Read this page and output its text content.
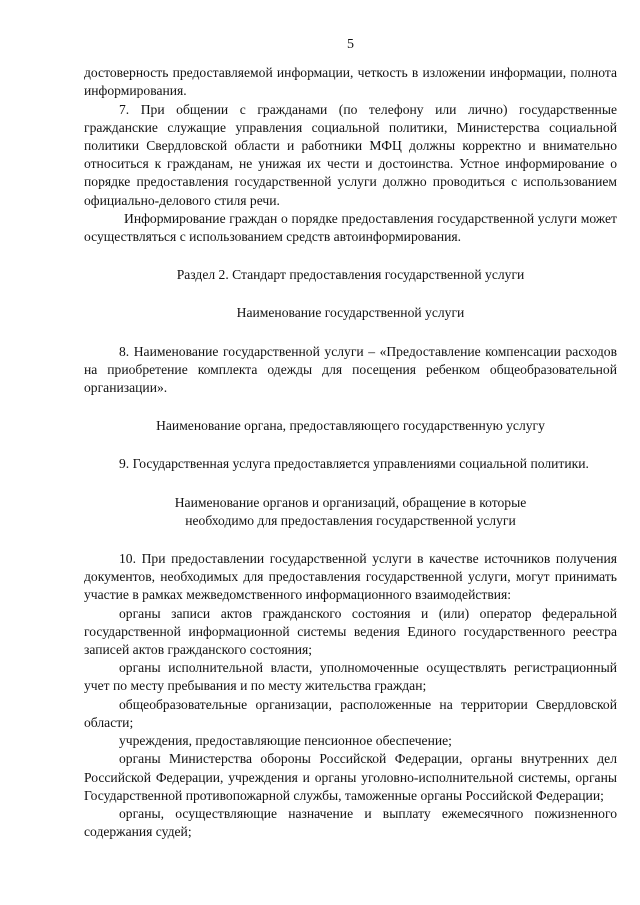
5

достоверность предоставляемой информации, четкость в изложении информации, полнота информирования.

7. При общении с гражданами (по телефону или лично) государственные гражданские служащие управления социальной политики, Министерства социальной политики Свердловской области и работники МФЦ должны корректно и внимательно относиться к гражданам, не унижая их чести и достоинства. Устное информирование о порядке предоставления государственной услуги должно проводиться с использованием официально-делового стиля речи.

Информирование граждан о порядке предоставления государственной услуги может осуществляться с использованием средств автоинформирования.

Раздел 2. Стандарт предоставления государственной услуги

Наименование государственной услуги

8. Наименование государственной услуги – «Предоставление компенсации расходов на приобретение комплекта одежды для посещения ребенком общеобразовательной организации».

Наименование органа, предоставляющего государственную услугу

9. Государственная услуга предоставляется управлениями социальной политики.

Наименование органов и организаций, обращение в которые

необходимо для предоставления государственной услуги

10. При предоставлении государственной услуги в качестве источников получения документов, необходимых для предоставления государственной услуги, могут принимать участие в рамках межведомственного информационного взаимодействия:

органы записи актов гражданского состояния и (или) оператор федеральной государственной информационной системы ведения Единого государственного реестра записей актов гражданского состояния;

органы исполнительной власти, уполномоченные осуществлять регистрационный учет по месту пребывания и по месту жительства граждан;

общеобразовательные организации, расположенные на территории Свердловской области;

учреждения, предоставляющие пенсионное обеспечение;

органы Министерства обороны Российской Федерации, органы внутренних дел Российской Федерации, учреждения и органы уголовно-исполнительной системы, органы Государственной противопожарной службы, таможенные органы Российской Федерации;

органы, осуществляющие назначение и выплату ежемесячного пожизненного содержания судей;
